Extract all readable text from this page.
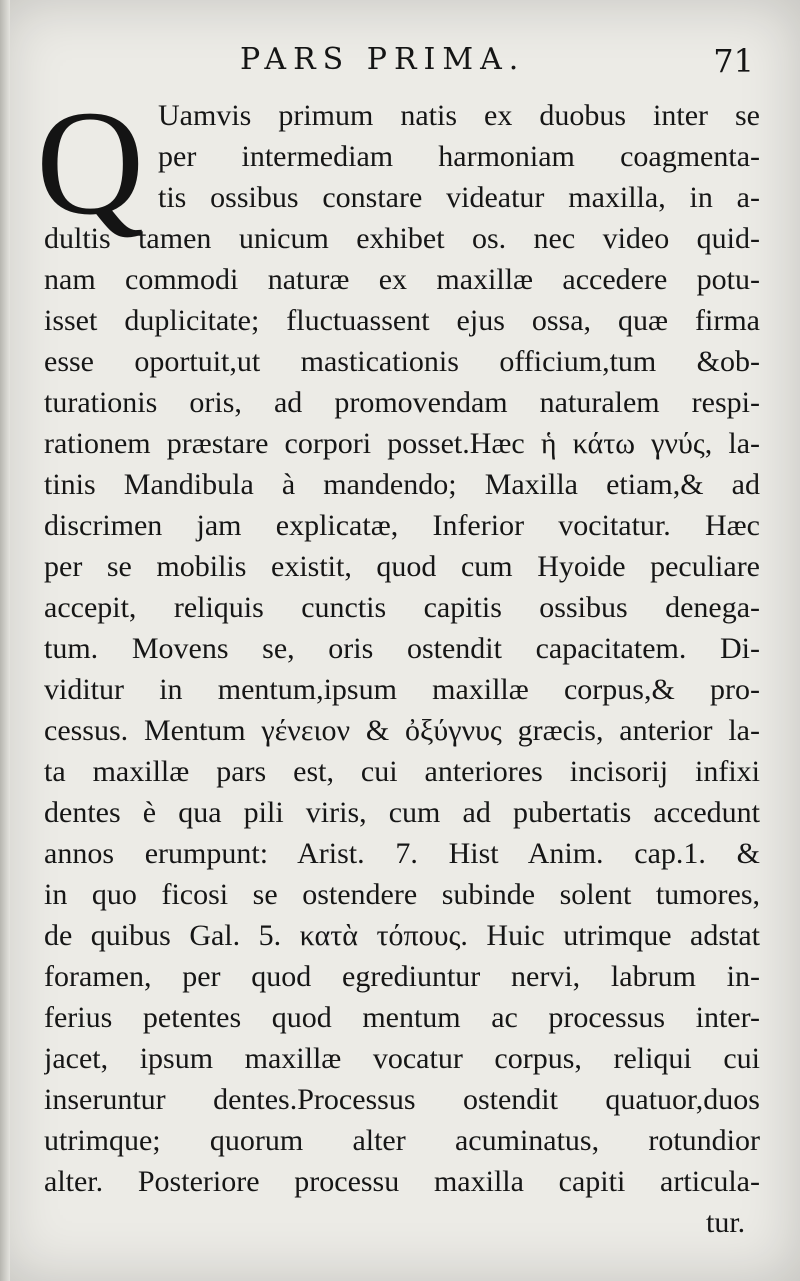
PARS PRIMA.	71
Q Uamvis primum natis ex duobus inter se
per intermediam harmoniam coagmenta-
tis ossibus constare videatur maxilla, in a-
dultis tamen unicum exhibet os. nec video quid-
nam commodi naturæ ex maxillæ accedere potu-
isset duplicitate; fluctuassent ejus ossa, quæ firma
esse oportuit,ut masticationis officium,tum &ob-
turationis oris, ad promovendam naturalem respi-
rationem præstare corpori posset.Hæc ἡ κάτω γνύς, la-
tinis Mandibula à mandendo; Maxilla etiam,& ad
discrimen jam explicatæ, Inferior vocitatur. Hæc
per se mobilis existit, quod cum Hyoide peculiare
accepit, reliquis cunctis capitis ossibus denega-
tum. Movens se, oris ostendit capacitatem. Di-
viditur in mentum,ipsum maxillæ corpus,& pro-
cessus. Mentum γένειον & ὀξύγνυς græcis, anterior la-
ta maxillæ pars est, cui anteriores incisorij infixi
dentes è qua pili viris, cum ad pubertatis accedunt
annos erumpunt: Arist. 7. Hist Anim. cap.1. &
in quo ficosi se ostendere subinde solent tumores,
de quibus Gal. 5. κατὰ τόπους. Huic utrimque adstat
foramen, per quod egrediuntur nervi, labrum in-
ferius petentes quod mentum ac processus inter-
jacet, ipsum maxillæ vocatur corpus, reliqui cui
inseruntur dentes.Processus ostendit quatuor,duos
utrimque; quorum alter acuminatus, rotundior
alter. Posteriore processu maxilla capiti articula-
tur.
